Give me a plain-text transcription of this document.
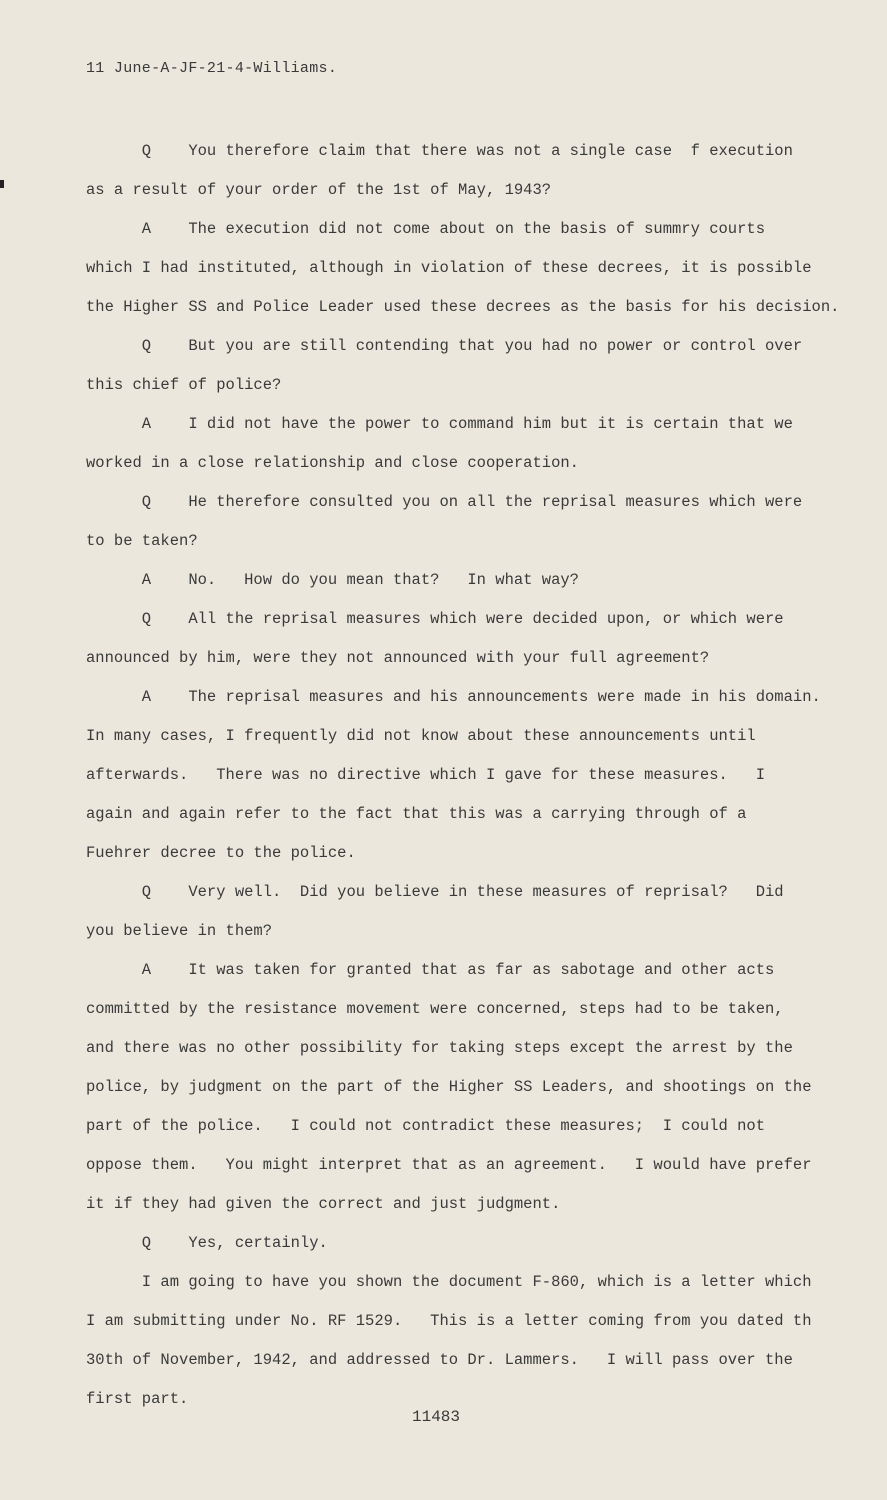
11 June-A-JF-21-4-Williams.
Q    You therefore claim that there was not a single case  f execution
as a result of your order of the 1st of May, 1943?
A    The execution did not come about on the basis of summry courts
which I had instituted, although in violation of these decrees, it is possible
the Higher SS and Police Leader used these decrees as the basis for his decision.
Q    But you are still contending that you had no power or control over
this chief of police?
A    I did not have the power to command him but it is certain that we
worked in a close relationship and close cooperation.
Q    He therefore consulted you on all the reprisal measures which were
to be taken?
A    No.   How do you mean that?   In what way?
Q    All the reprisal measures which were decided upon, or which were
announced by him, were they not announced with your full agreement?
A    The reprisal measures and his announcements were made in his domain.
In many cases, I frequently did not know about these announcements until
afterwards.   There was no directive which I gave for these measures.   I
again and again refer to the fact that this was a carrying through of a
Fuehrer decree to the police.
Q    Very well.  Did you believe in these measures of reprisal?   Did
you believe in them?
A    It was taken for granted that as far as sabotage and other acts
committed by the resistance movement were concerned, steps had to be taken,
and there was no other possibility for taking steps except the arrest by the
police, by judgment on the part of the Higher SS Leaders, and shootings on the
part of the police.   I could not contradict these measures;  I could not
oppose them.   You might interpret that as an agreement.   I would have prefer
it if they had given the correct and just judgment.
Q    Yes, certainly.
I am going to have you shown the document F-860, which is a letter which
I am submitting under No. RF 1529.   This is a letter coming from you dated th
30th of November, 1942, and addressed to Dr. Lammers.   I will pass over the
first part.
11483
